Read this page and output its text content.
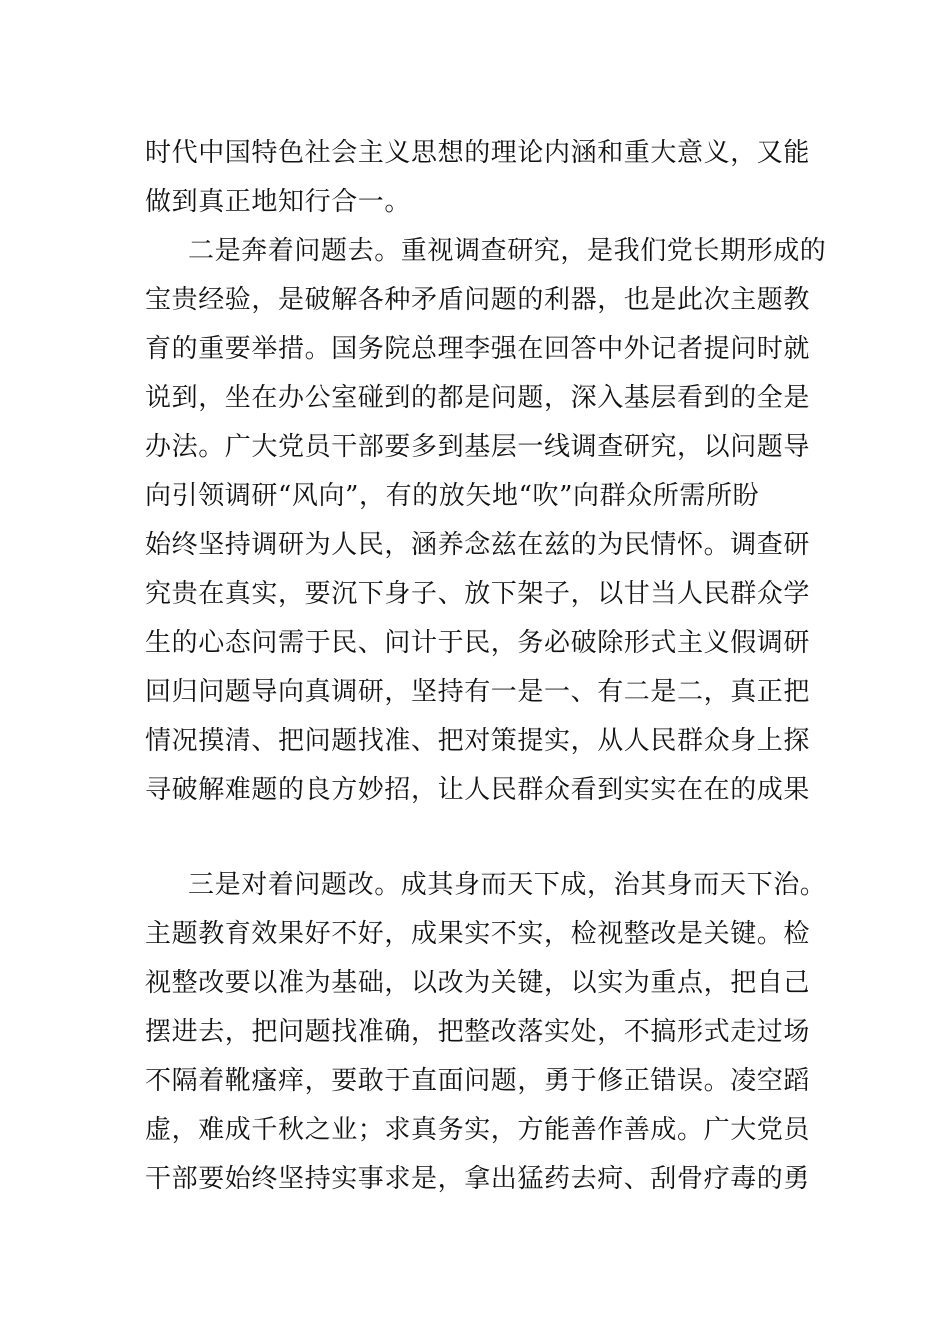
时代中国特色社会主义思想的理论内涵和重大意义，又能
做到真正地知行合一。
二是奔着问题去。重视调查研究，是我们党长期形成的
宝贵经验，是破解各种矛盾问题的利器，也是此次主题教
育的重要举措。国务院总理李强在回答中外记者提问时就
说到，坐在办公室碰到的都是问题，深入基层看到的全是
办法。广大党员干部要多到基层一线调查研究，以问题导
向引领调研“风向”，有的放矢地“吹”向群众所需所盼
始终坚持调研为人民，涵养念兹在兹的为民情怀。调查研
究贵在真实，要沉下身子、放下架子，以甘当人民群众学
生的心态问需于民、问计于民，务必破除形式主义假调研
回归问题导向真调研，坚持有一是一、有二是二，真正把
情况摸清、把问题找准、把对策提实，从人民群众身上探
寻破解难题的良方妙招，让人民群众看到实实在在的成果
三是对着问题改。成其身而天下成，治其身而天下治。
主题教育效果好不好，成果实不实，检视整改是关键。检
视整改要以准为基础，以改为关键，以实为重点，把自己
摆进去，把问题找准确，把整改落实处，不搞形式走过场
不隔着靴瘙痒，要敢于直面问题，勇于修正错误。凌空蹈
虚，难成千秋之业；求真务实，方能善作善成。广大党员
干部要始终坚持实事求是，拿出猛药去疴、刮骨疗毒的勇
